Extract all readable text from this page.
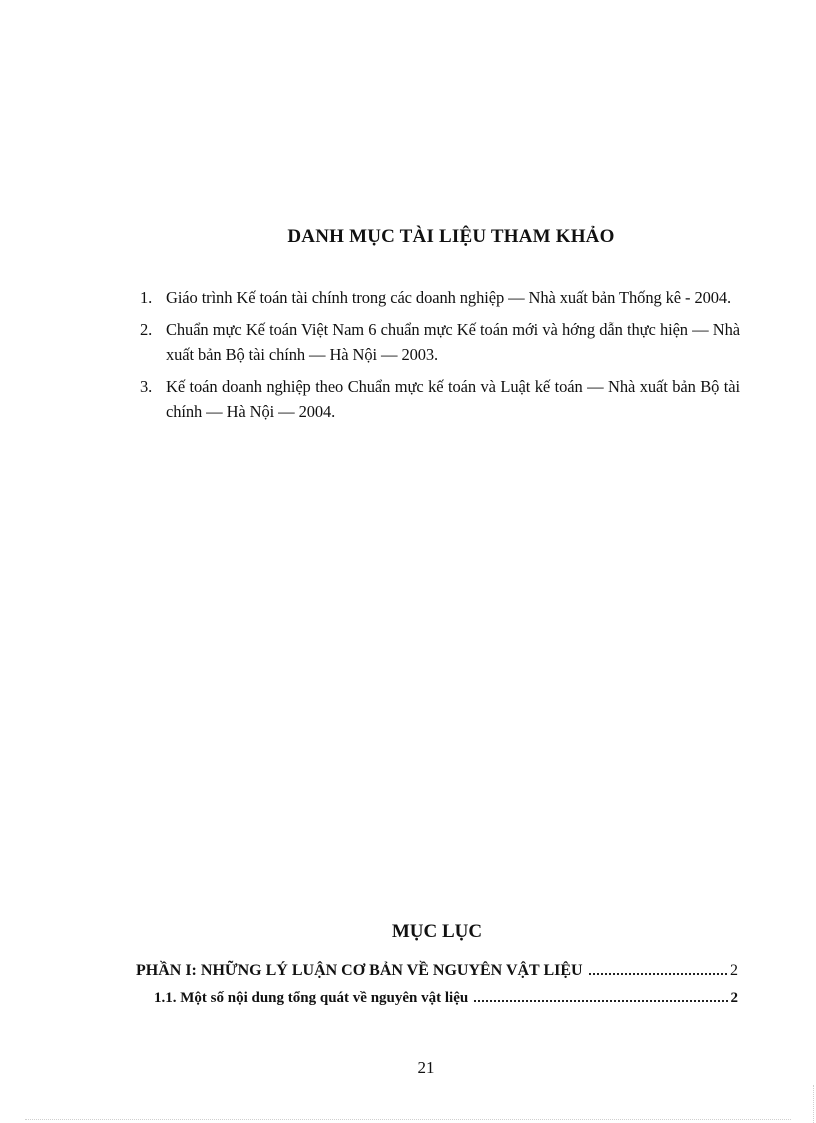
DANH MỤC TÀI LIỆU THAM KHẢO
1. Giáo trình Kế toán tài chính trong các doanh nghiệp — Nhà xuất bản Thống kê - 2004.
2. Chuẩn mực Kế toán Việt Nam 6 chuẩn mực Kế toán mới và hớng dẫn thực hiện — Nhà xuất bản Bộ tài chính — Hà Nội — 2003.
3. Kế toán doanh nghiệp theo Chuẩn mực kế toán và Luật kế toán — Nhà xuất bản Bộ tài chính — Hà Nội — 2004.
MỤC LỤC
PHẦN I: NHỮNG LÝ LUẬN CƠ BẢN VỀ NGUYÊN VẬT LIỆU	2
1.1. Một số nội dung tổng quát về nguyên vật liệu	2
21
